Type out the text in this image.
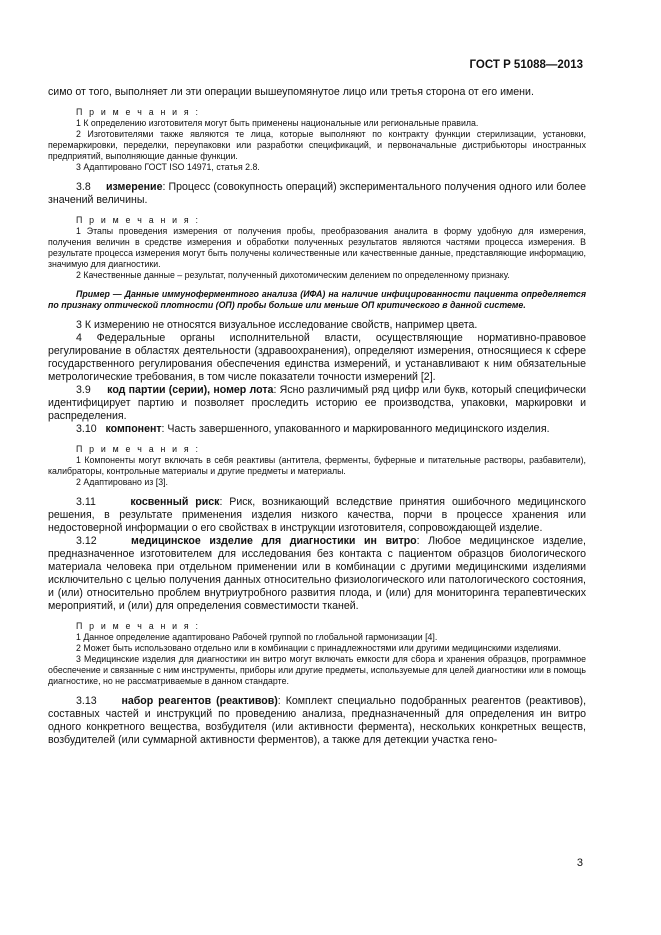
ГОСТ Р 51088—2013

симо от того, выполняет ли эти операции вышеупомянутое лицо или третья сторона от его имени.

П р и м е ч а н и я :

1 К определению изготовителя могут быть применены национальные или региональные правила.

2 Изготовителями также являются те лица, которые выполняют по контракту функции стерилизации, установки, перемаркировки, переделки, переупаковки или разработки спецификаций, и первоначальные дистрибьюторы иностранных предприятий, выполняющие данные функции.

3 Адаптировано ГОСТ ISO 14971, статья 2.8.

3.8 измерение: Процесс (совокупность операций) экспериментального получения одного или более значений величины.

П р и м е ч а н и я :

1 Этапы проведения измерения от получения пробы, преобразования аналита в форму удобную для измерения, получения величин в средстве измерения и обработки полученных результатов являются частями процесса измерения. В результате процесса измерения могут быть получены количественные или качественные данные, представляющие информацию, значимую для диагностики.

2 Качественные данные – результат, полученный дихотомическим делением по определенному признаку.

Пример — Данные иммуноферментного анализа (ИФА) на наличие инфицированности пациента определяется по признаку оптической плотности (ОП) пробы больше или меньше ОП критического в данной системе.

3 К измерению не относятся визуальное исследование свойств, например цвета.

4 Федеральные органы исполнительной власти, осуществляющие нормативно-правовое регулирование в областях деятельности (здравоохранения), определяют измерения, относящиеся к сфере государственного регулирования обеспечения единства измерений, и устанавливают к ним обязательные метрологические требования, в том числе показатели точности измерений [2].

3.9 код партии (серии), номер лота: Ясно различимый ряд цифр или букв, который специфически идентифицирует партию и позволяет проследить историю ее производства, упаковки, маркировки и распределения.

3.10 компонент: Часть завершенного, упакованного и маркированного медицинского изделия.

П р и м е ч а н и я :

1 Компоненты могут включать в себя реактивы (антитела, ферменты, буферные и питательные растворы, разбавители), калибраторы, контрольные материалы и другие предметы и материалы.

2 Адаптировано из [3].

3.11	косвенный риск: Риск, возникающий вследствие принятия ошибочного медицинского решения, в результате применения изделия низкого качества, порчи в процессе хранения или недостоверной информации о его свойствах в инструкции изготовителя, сопровождающей изделие.

3.12	медицинское изделие для диагностики ин витро: Любое медицинское изделие, предназначенное изготовителем для исследования без контакта с пациентом образцов биологического материала человека при отдельном применении или в комбинации с другими медицинскими изделиями исключительно с целью получения данных относительно физиологического или патологического состояния, и (или) относительно проблем внутриутробного развития плода, и (или) для мониторинга терапевтических мероприятий, и (или) для определения совместимости тканей.

П р и м е ч а н и я :

1 Данное определение адаптировано Рабочей группой по глобальной гармонизации [4].

2 Может быть использовано отдельно или в комбинации с принадлежностями или другими медицинскими изделиями.

3 Медицинские изделия для диагностики ин витро могут включать емкости для сбора и хранения образцов, программное обеспечение и связанные с ним инструменты, приборы или другие предметы, используемые для целей диагностики или в помощь диагностике, но не рассматриваемые в данном стандарте.

3.13 набор реагентов (реактивов): Комплект специально подобранных реагентов (реактивов), составных частей и инструкций по проведению анализа, предназначенный для определения ин витро одного конкретного вещества, возбудителя (или активности фермента), нескольких конкретных веществ, возбудителей (или суммарной активности ферментов), а также для детекции участка гено-

3
